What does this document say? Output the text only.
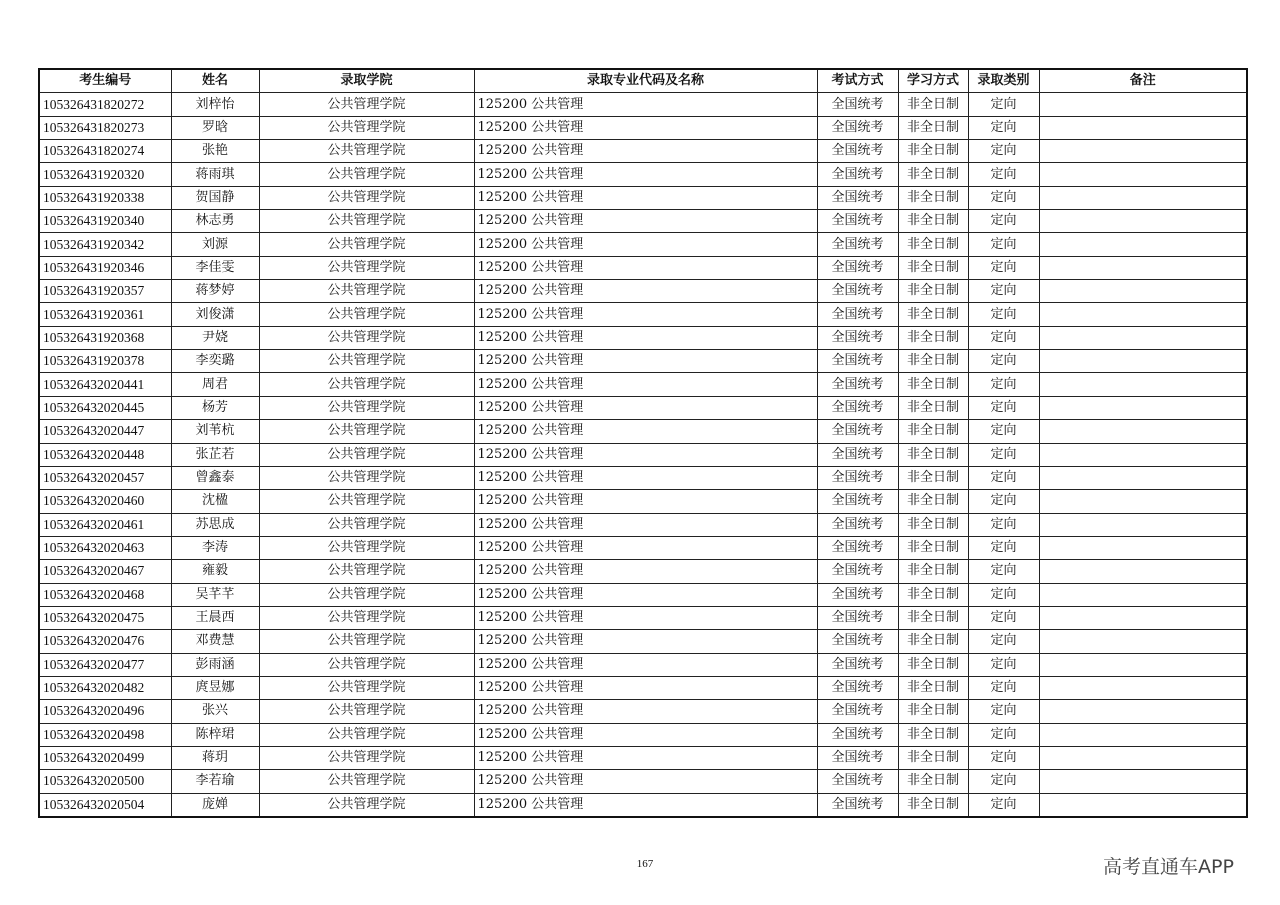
考生编号	姓名	录取学院	录取专业代码及名称	考试方式	学习方式	录取类别	备注
105326431820272	刘梓怡	公共管理学院	125200 公共管理	全国统考	非全日制	定向	
105326431820273	罗晗	公共管理学院	125200 公共管理	全国统考	非全日制	定向	
105326431820274	张艳	公共管理学院	125200 公共管理	全国统考	非全日制	定向	
105326431920320	蒋雨琪	公共管理学院	125200 公共管理	全国统考	非全日制	定向	
105326431920338	贺国静	公共管理学院	125200 公共管理	全国统考	非全日制	定向	
105326431920340	林志勇	公共管理学院	125200 公共管理	全国统考	非全日制	定向	
105326431920342	刘源	公共管理学院	125200 公共管理	全国统考	非全日制	定向	
105326431920346	李佳雯	公共管理学院	125200 公共管理	全国统考	非全日制	定向	
105326431920357	蒋梦婷	公共管理学院	125200 公共管理	全国统考	非全日制	定向	
105326431920361	刘俊潇	公共管理学院	125200 公共管理	全国统考	非全日制	定向	
105326431920368	尹娆	公共管理学院	125200 公共管理	全国统考	非全日制	定向	
105326431920378	李奕璐	公共管理学院	125200 公共管理	全国统考	非全日制	定向	
105326432020441	周君	公共管理学院	125200 公共管理	全国统考	非全日制	定向	
105326432020445	杨芳	公共管理学院	125200 公共管理	全国统考	非全日制	定向	
105326432020447	刘苇杭	公共管理学院	125200 公共管理	全国统考	非全日制	定向	
105326432020448	张芷若	公共管理学院	125200 公共管理	全国统考	非全日制	定向	
105326432020457	曾鑫泰	公共管理学院	125200 公共管理	全国统考	非全日制	定向	
105326432020460	沈楹	公共管理学院	125200 公共管理	全国统考	非全日制	定向	
105326432020461	苏思成	公共管理学院	125200 公共管理	全国统考	非全日制	定向	
105326432020463	李涛	公共管理学院	125200 公共管理	全国统考	非全日制	定向	
105326432020467	雍毅	公共管理学院	125200 公共管理	全国统考	非全日制	定向	
105326432020468	吴芊芊	公共管理学院	125200 公共管理	全国统考	非全日制	定向	
105326432020475	王晨西	公共管理学院	125200 公共管理	全国统考	非全日制	定向	
105326432020476	邓费慧	公共管理学院	125200 公共管理	全国统考	非全日制	定向	
105326432020477	彭雨涵	公共管理学院	125200 公共管理	全国统考	非全日制	定向	
105326432020482	庹昱娜	公共管理学院	125200 公共管理	全国统考	非全日制	定向	
105326432020496	张兴	公共管理学院	125200 公共管理	全国统考	非全日制	定向	
105326432020498	陈梓珺	公共管理学院	125200 公共管理	全国统考	非全日制	定向	
105326432020499	蒋玥	公共管理学院	125200 公共管理	全国统考	非全日制	定向	
105326432020500	李若瑜	公共管理学院	125200 公共管理	全国统考	非全日制	定向	
105326432020504	庞婵	公共管理学院	125200 公共管理	全国统考	非全日制	定向	
167	高考直通车APP
